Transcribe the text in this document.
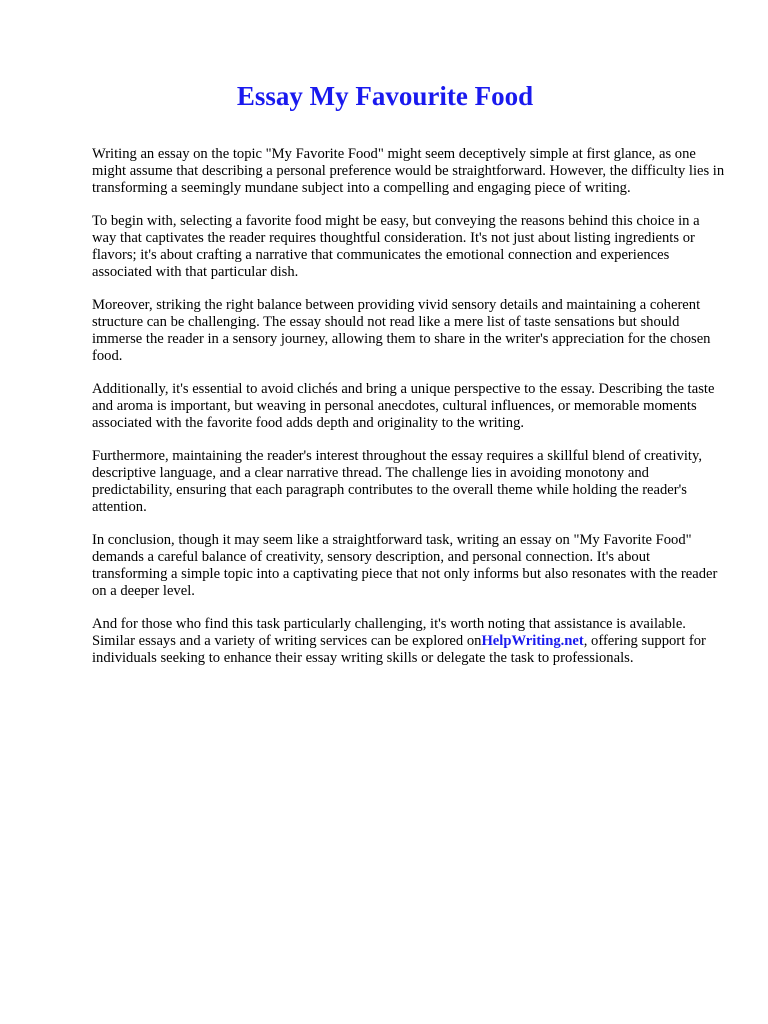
Essay My Favourite Food

Writing an essay on the topic "My Favorite Food" might seem deceptively simple at first glance, as one might assume that describing a personal preference would be straightforward. However, the difficulty lies in transforming a seemingly mundane subject into a compelling and engaging piece of writing.

To begin with, selecting a favorite food might be easy, but conveying the reasons behind this choice in a way that captivates the reader requires thoughtful consideration. It's not just about listing ingredients or flavors; it's about crafting a narrative that communicates the emotional connection and experiences associated with that particular dish.

Moreover, striking the right balance between providing vivid sensory details and maintaining a coherent structure can be challenging. The essay should not read like a mere list of taste sensations but should immerse the reader in a sensory journey, allowing them to share in the writer's appreciation for the chosen food.

Additionally, it's essential to avoid clichés and bring a unique perspective to the essay. Describing the taste and aroma is important, but weaving in personal anecdotes, cultural influences, or memorable moments associated with the favorite food adds depth and originality to the writing.

Furthermore, maintaining the reader's interest throughout the essay requires a skillful blend of creativity, descriptive language, and a clear narrative thread. The challenge lies in avoiding monotony and predictability, ensuring that each paragraph contributes to the overall theme while holding the reader's attention.

In conclusion, though it may seem like a straightforward task, writing an essay on "My Favorite Food" demands a careful balance of creativity, sensory description, and personal connection. It's about transforming a simple topic into a captivating piece that not only informs but also resonates with the reader on a deeper level.

And for those who find this task particularly challenging, it's worth noting that assistance is available. Similar essays and a variety of writing services can be explored onHelpWriting.net, offering support for individuals seeking to enhance their essay writing skills or delegate the task to professionals.
